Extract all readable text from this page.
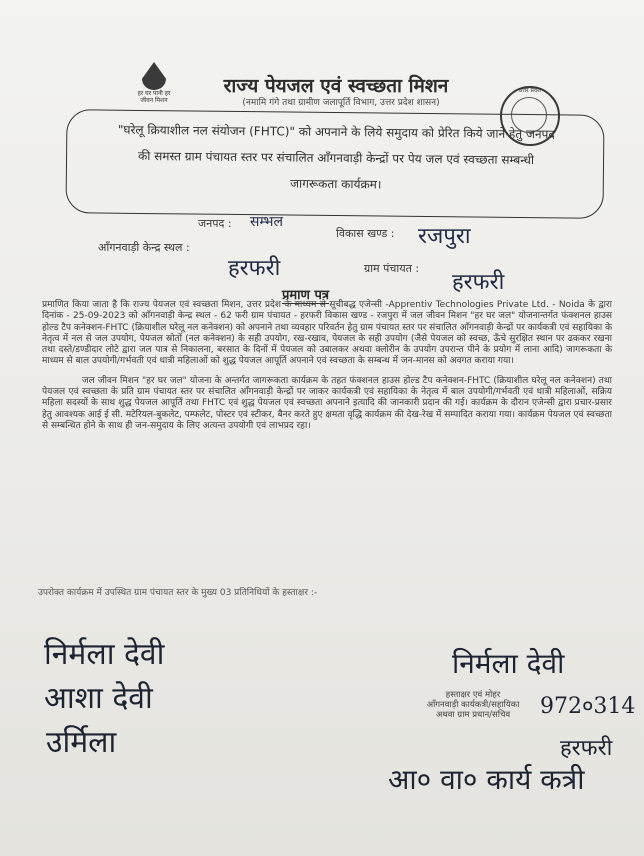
हर घर पानी हर जीवन मिशन
राज्य पेयजल एवं स्वच्छता मिशन
(नमामि गंगे तथा ग्रामीण जलापूर्ति विभाग, उत्तर प्रदेश शासन)
उत्तर प्रदेश

"घरेलू क्रियाशील नल संयोजन (FHTC)" को अपनाने के लिये समुदाय को प्रेरित किये जाने हेतु जनपद

की समस्त ग्राम पंचायत स्तर पर संचालित आँगनवाड़ी केन्द्रों पर पेय जल एवं स्वच्छता सम्बन्धी

जागरूकता कार्यक्रम।

जनपद : सम्भल
विकास खण्ड : रजपुरा
आँगनवाड़ी केन्द्र स्थल :
हरफरी	ग्राम पंचायत :
हरफरी
प्रमाण पत्र

प्रमाणित किया जाता है कि राज्य पेयजल एवं स्वच्छता मिशन, उत्तर प्रदेश के माध्यम से सूचीबद्ध एजेन्सी -Apprentiv Technologies Private Ltd. - Noida के द्वारा दिनांक - 25-09-2023 को आँगनवाड़ी केन्द्र स्थल - 62 फरी ग्राम पंचायत - हरफरी विकास खण्ड - रजपुरा में जल जीवन मिशन "हर घर जल" योजनान्तर्गत फंक्शनल हाउस होल्ड टैप कनेक्शन-FHTC (क्रियाशील घरेलू नल कनेक्शन) को अपनाने तथा व्यवहार परिवर्तन हेतु ग्राम पंचायत स्तर पर संचालित आँगनवाड़ी केन्द्रों पर कार्यकत्री एवं सहायिका के नेतृत्व में नल से जल उपयोग, पेयजल स्रोतों (नल कनेक्शन) के सही उपयोग, रख-रखाव, पेयजल के सही उपयोग (जैसे पेयजल को स्वच्छ, ऊँचे सुरक्षित स्थान पर ढककर रखना तथा दस्ते/डण्डीदार लोटे द्वारा जल पात्र से निकालना, बरसात के दिनों में पेयजल को उबालकर अथवा क्लोरीन के उपयोग उपरान्त पीने के प्रयोग में लाना आदि) जागरूकता के माध्यम से बाल उपयोगी/गर्भवती एवं धात्री महिलाओं को शुद्ध पेयजल आपूर्ति अपनाने एवं स्वच्छता के सम्बन्ध में जन-मानस को अवगत कराया गया।

जल जीवन मिशन "हर घर जल" योजना के अन्तर्गत जागरूकता कार्यक्रम के तहत फंक्शनल हाउस होल्ड टैप कनेक्शन-FHTC (क्रियाशील घरेलू नल कनेक्शन) तथा पेयजल एवं स्वच्छता के प्रति ग्राम पंचायत स्तर पर संचालित आँगनवाड़ी केन्द्रों पर जाकर कार्यकत्री एवं सहायिका के नेतृत्व में बाल उपयोगी/गर्भवती एवं धात्री महिलाओं, सक्रिय महिला सदस्यों के साथ शुद्ध पेयजल आपूर्ति तथा FHTC एवं शुद्ध पेयजल एवं स्वच्छता अपनाने इत्यादि की जानकारी प्रदान की गई। कार्यक्रम के दौरान एजेन्सी द्वारा प्रचार-प्रसार हेतु आवश्यक आई ई सी. मटेरियल-बुकलेट, पम्फलेट, पोस्टर एवं स्टीकर, बैनर करते हुए क्षमता वृद्धि कार्यक्रम की देख-रेख में सम्पादित कराया गया। कार्यक्रम पेयजल एवं स्वच्छता से सम्बन्धित होने के साथ ही जन-समुदाय के लिए अत्यन्त उपयोगी एवं लाभप्रद रहा।

उपरोक्त कार्यक्रम में उपस्थित ग्राम पंचायत स्तर के मुख्य 03 प्रतिनिधियों के हस्ताक्षर :-
निर्मला देवी
आशा देवी
उर्मिला
निर्मला देवी
हस्ताक्षर एवं मोहर
आँगनवाड़ी कार्यकत्री/सहायिका
अथवा ग्राम प्रधान/सचिव	972०314
हरफरी
आ० वा० कार्य कत्री
